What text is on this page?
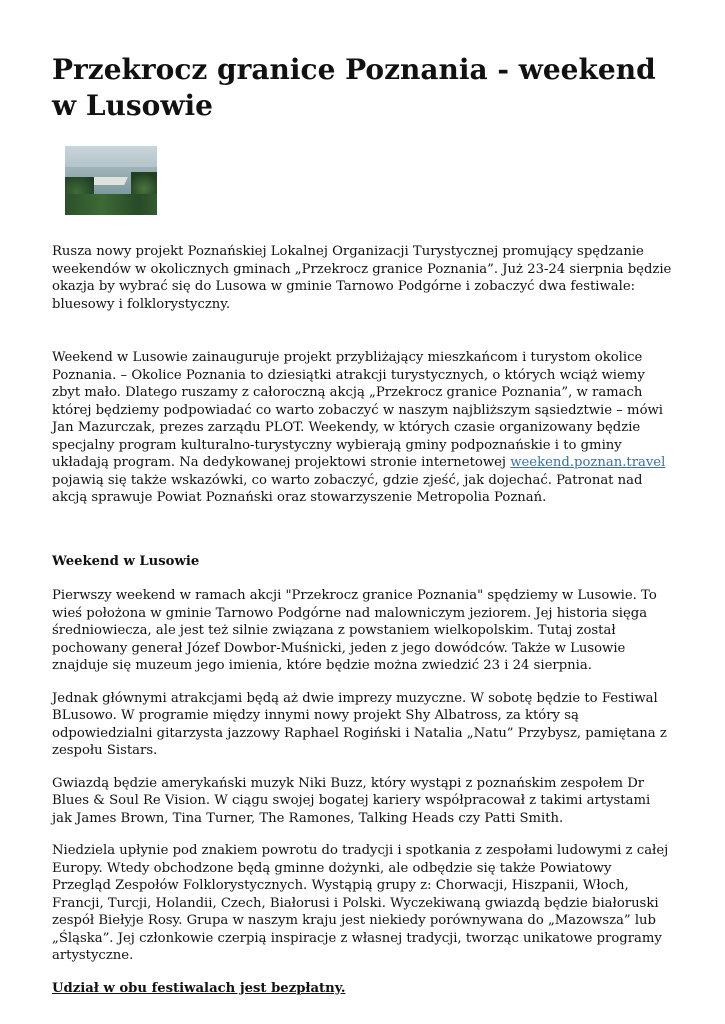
Przekrocz granice Poznania - weekend w Lusowie

Rusza nowy projekt Poznańskiej Lokalnej Organizacji Turystycznej promujący spędzanie weekendów w okolicznych gminach „Przekrocz granice Poznania”. Już 23-24 sierpnia będzie okazja by wybrać się do Lusowa w gminie Tarnowo Podgórne i zobaczyć dwa festiwale: bluesowy i folklorystyczny.

Weekend w Lusowie zainauguruje projekt przybliżający mieszkańcom i turystom okolice Poznania. – Okolice Poznania to dziesiątki atrakcji turystycznych, o których wciąż wiemy zbyt mało. Dlatego ruszamy z całoroczną akcją „Przekrocz granice Poznania”, w ramach której będziemy podpowiadać co warto zobaczyć w naszym najbliższym sąsiedztwie – mówi Jan Mazurczak, prezes zarządu PLOT. Weekendy, w których czasie organizowany będzie specjalny program kulturalno-turystyczny wybierają gminy podpoznańskie i to gminy układają program. Na dedykowanej projektowi stronie internetowej weekend.poznan.travel pojawią się także wskazówki, co warto zobaczyć, gdzie zjeść, jak dojechać. Patronat nad akcją sprawuje Powiat Poznański oraz stowarzyszenie Metropolia Poznań.

Weekend w Lusowie

Pierwszy weekend w ramach akcji "Przekrocz granice Poznania" spędziemy w Lusowie. To wieś położona w gminie Tarnowo Podgórne nad malowniczym jeziorem. Jej historia sięga średniowiecza, ale jest też silnie związana z powstaniem wielkopolskim. Tutaj został pochowany generał Józef Dowbor-Muśnicki, jeden z jego dowódców. Także w Lusowie znajduje się muzeum jego imienia, które będzie można zwiedzić 23 i 24 sierpnia.

Jednak głównymi atrakcjami będą aż dwie imprezy muzyczne. W sobotę będzie to Festiwal BLusowo. W programie między innymi nowy projekt Shy Albatross, za który są odpowiedzialni gitarzysta jazzowy Raphael Rogiński i Natalia „Natu” Przybysz, pamiętana z zespołu Sistars.

Gwiazdą będzie amerykański muzyk Niki Buzz, który wystąpi z poznańskim zespołem Dr Blues & Soul Re Vision. W ciągu swojej bogatej kariery współpracował z takimi artystami jak James Brown, Tina Turner, The Ramones, Talking Heads czy Patti Smith.

Niedziela upłynie pod znakiem powrotu do tradycji i spotkania z zespołami ludowymi z całej Europy. Wtedy obchodzone będą gminne dożynki, ale odbędzie się także Powiatowy Przegląd Zespołów Folklorystycznych. Wystąpią grupy z: Chorwacji, Hiszpanii, Włoch, Francji, Turcji, Holandii, Czech, Białorusi i Polski. Wyczekiwaną gwiazdą będzie białoruski zespół Biełyje Rosy. Grupa w naszym kraju jest niekiedy porównywana do „Mazowsza” lub „Śląska”. Jej członkowie czerpią inspiracje z własnej tradycji, tworząc unikatowe programy artystyczne.

Udział w obu festiwalach jest bezpłatny.
